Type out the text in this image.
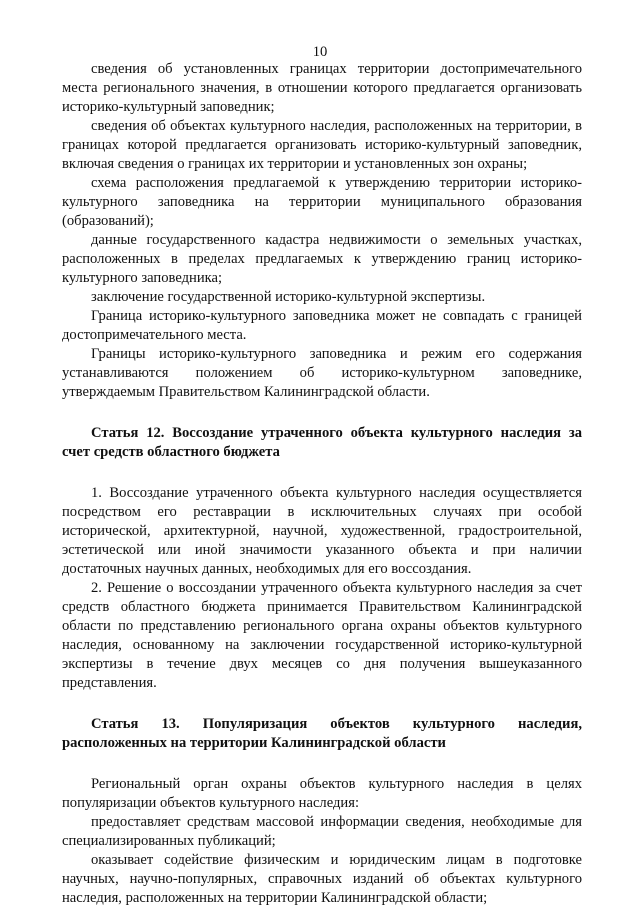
10

сведения об установленных границах территории достопримечательного места регионального значения, в отношении которого предлагается организовать историко-культурный заповедник;

сведения об объектах культурного наследия, расположенных на территории, в границах которой предлагается организовать историко-культурный заповедник, включая сведения о границах их территории и установленных зон охраны;

схема расположения предлагаемой к утверждению территории историко-культурного заповедника на территории муниципального образования (образований);

данные государственного кадастра недвижимости о земельных участках, расположенных в пределах предлагаемых к утверждению границ историко-культурного заповедника;

заключение государственной историко-культурной экспертизы.

Граница историко-культурного заповедника может не совпадать с границей достопримечательного места.

Границы историко-культурного заповедника и режим его содержания устанавливаются положением об историко-культурном заповеднике, утверждаемым Правительством Калининградской области.

Статья 12. Воссоздание утраченного объекта культурного наследия за счет средств областного бюджета

1. Воссоздание утраченного объекта культурного наследия осуществляется посредством его реставрации в исключительных случаях при особой исторической, архитектурной, научной, художественной, градостроительной, эстетической или иной значимости указанного объекта и при наличии достаточных научных данных, необходимых для его воссоздания.

2. Решение о воссоздании утраченного объекта культурного наследия за счет средств областного бюджета принимается Правительством Калининградской области по представлению регионального органа охраны объектов культурного наследия, основанному на заключении государственной историко-культурной экспертизы в течение двух месяцев со дня получения вышеуказанного представления.

Статья 13. Популяризация объектов культурного наследия, расположенных на территории Калининградской области

Региональный орган охраны объектов культурного наследия в целях популяризации объектов культурного наследия:

предоставляет средствам массовой информации сведения, необходимые для специализированных публикаций;

оказывает содействие физическим и юридическим лицам в подготовке научных, научно-популярных, справочных изданий об объектах культурного наследия, расположенных на территории Калининградской области;
